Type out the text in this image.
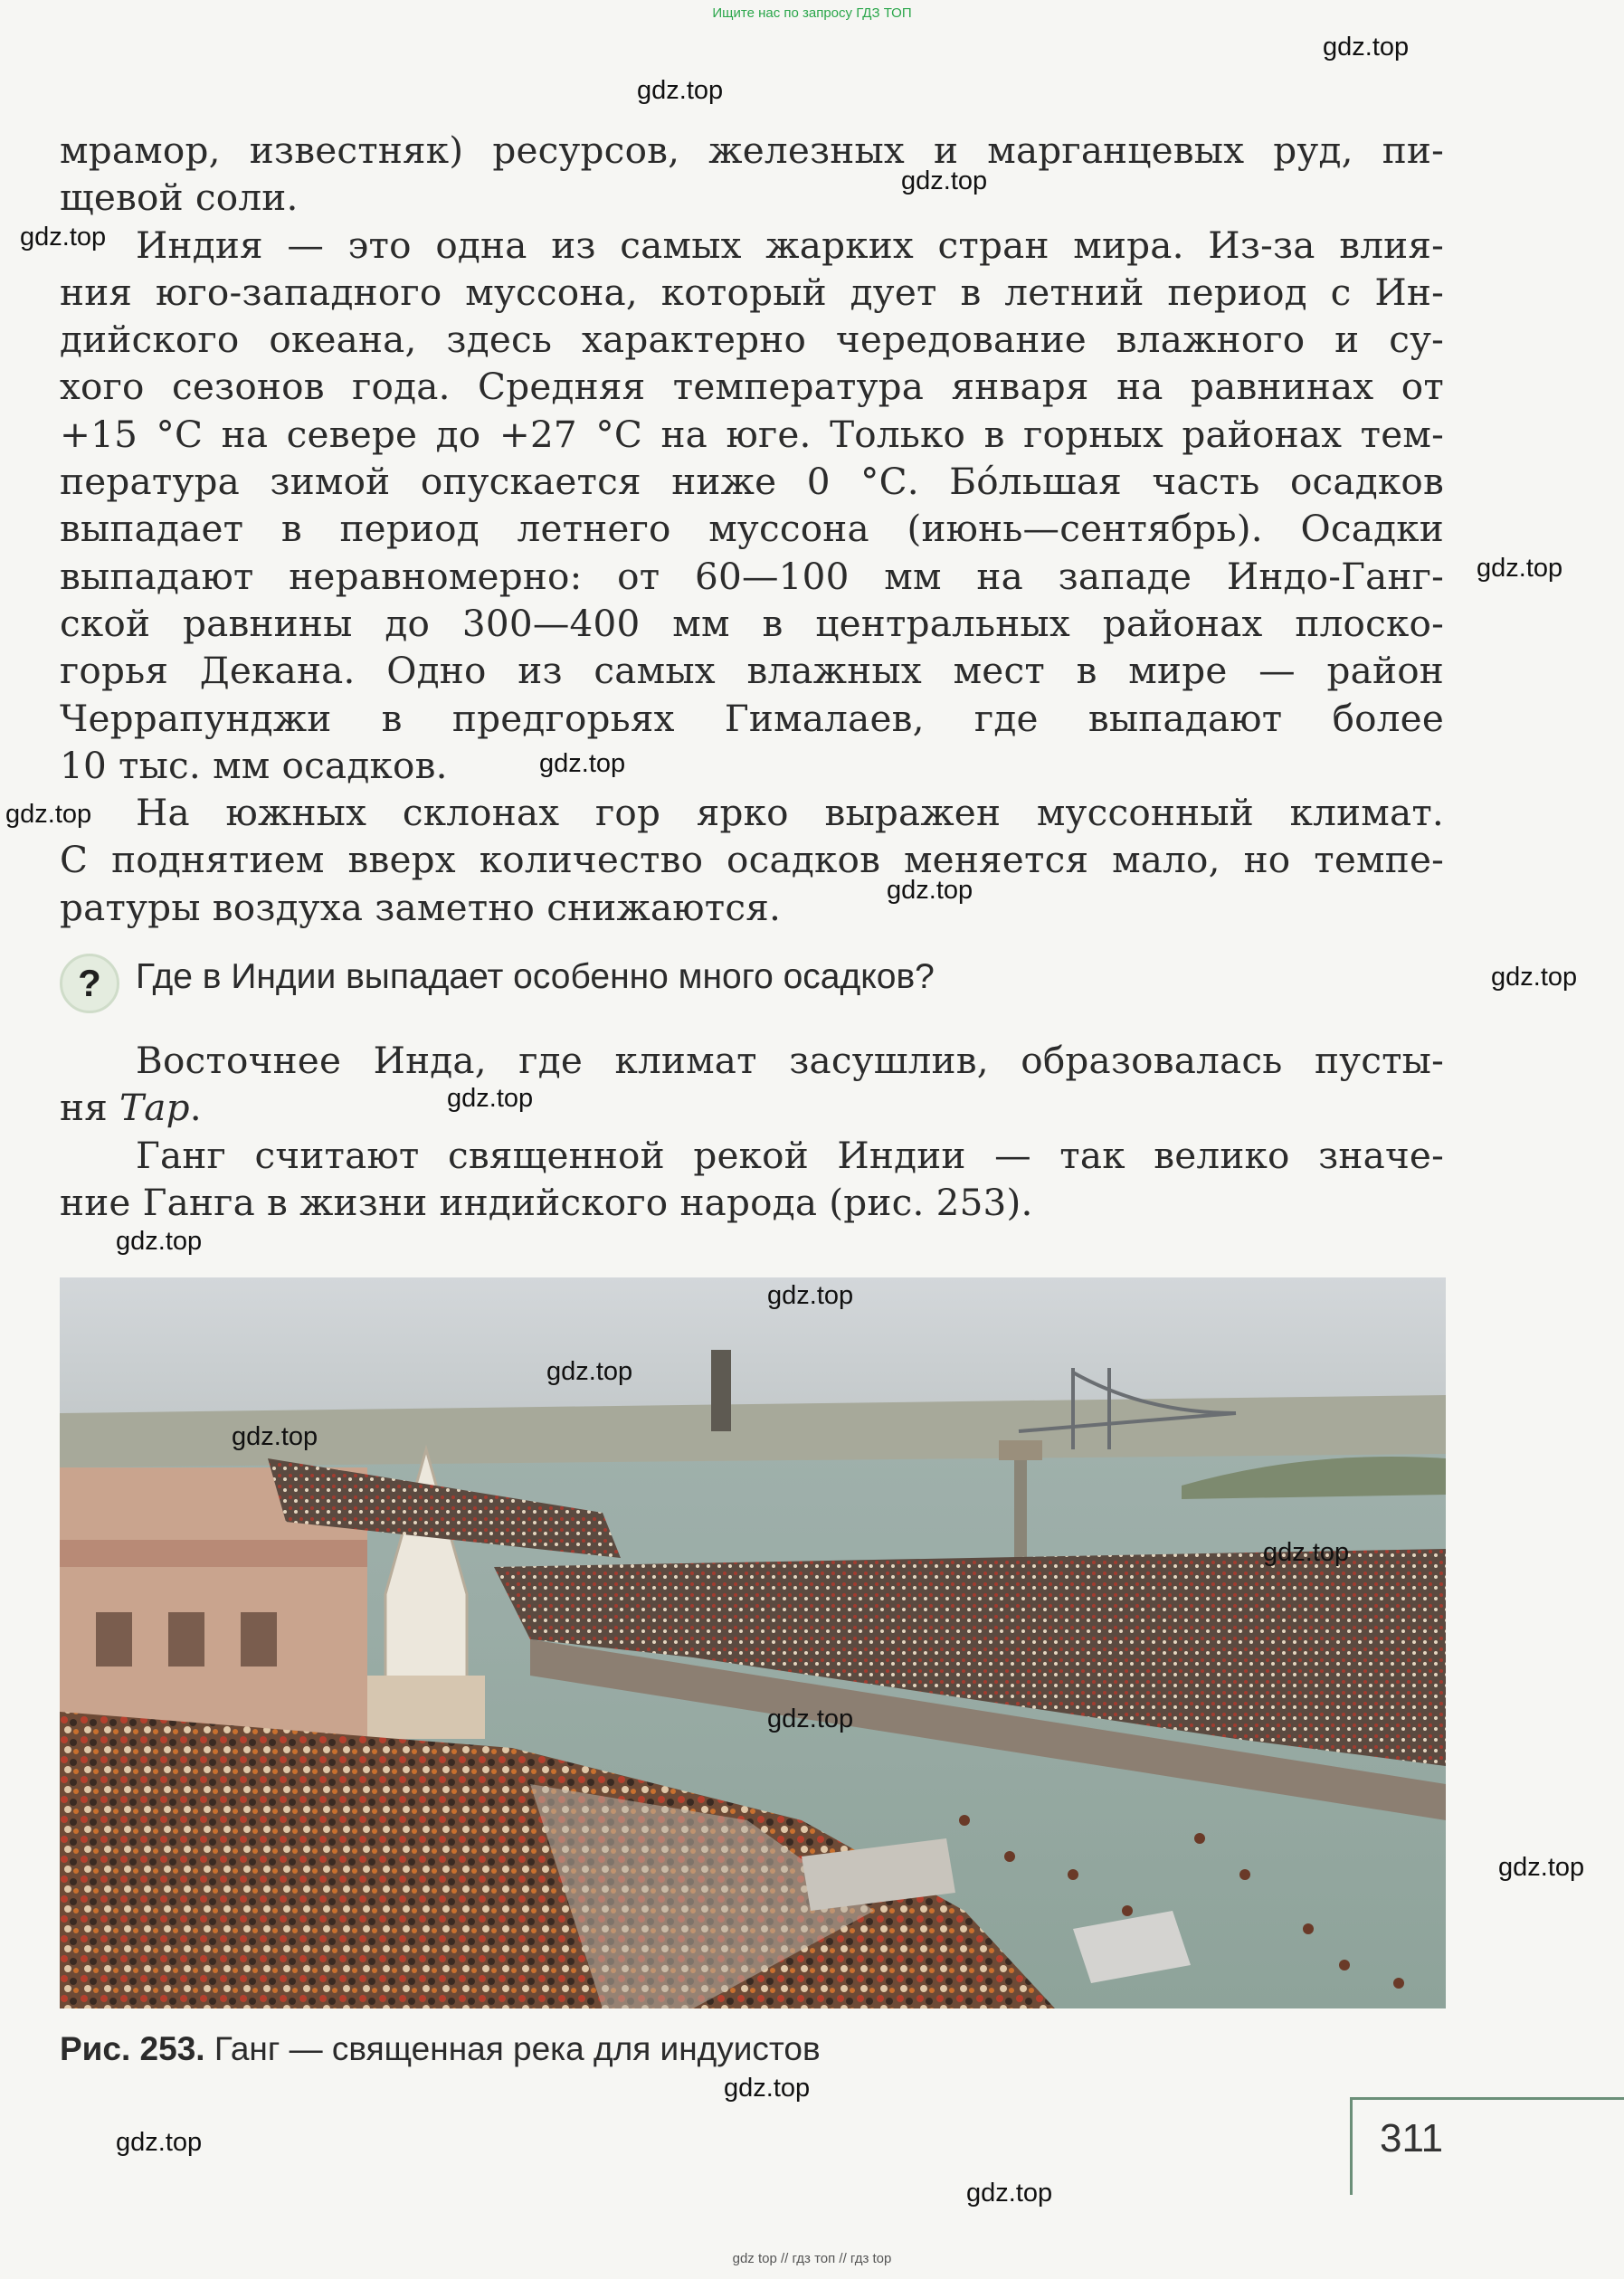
Ищите нас по запросу ГДЗ ТОП
мрамор, известняк) ресурсов, железных и марганцевых руд, пи-
щевой соли.
Индия — это одна из самых жарких стран мира. Из-за влия-
ния юго-западного муссона, который дует в летний период с Ин-
дийского океана, здесь характерно чередование влажного и су-
хого сезонов года. Средняя температура января на равнинах от
+15 °С на севере до +27 °С на юге. Только в горных районах тем-
пература зимой опускается ниже 0 °С. Бóльшая часть осадков
выпадает в период летнего муссона (июнь—сентябрь). Осадки
выпадают неравномерно: от 60—100 мм на западе Индо-Ганг-
ской равнины до 300—400 мм в центральных районах плоско-
горья Декана. Одно из самых влажных мест в мире — район
Черрапунджи в предгорьях Гималаев, где выпадают более
10 тыс. мм осадков.
На южных склонах гор ярко выражен муссонный климат.
С поднятием вверх количество осадков меняется мало, но темпе-
ратуры воздуха заметно снижаются.
? Где в Индии выпадает особенно много осадков?
Восточнее Инда, где климат засушлив, образовалась пусты-
ня Тар.
Ганг считают священной рекой Индии — так велико значе-
ние Ганга в жизни индийского народа (рис. 253).
Рис. 253. Ганг — священная река для индуистов
311
gdz.top
gdz.top
gdz.top
gdz.top
gdz.top
gdz.top
gdz.top
gdz.top
gdz.top
gdz.top
gdz.top
gdz.top
gdz.top
gdz.top
gdz.top
gdz.top
gdz.top
gdz.top
gdz.top
gdz.top
gdz top // гдз топ // гдз top
